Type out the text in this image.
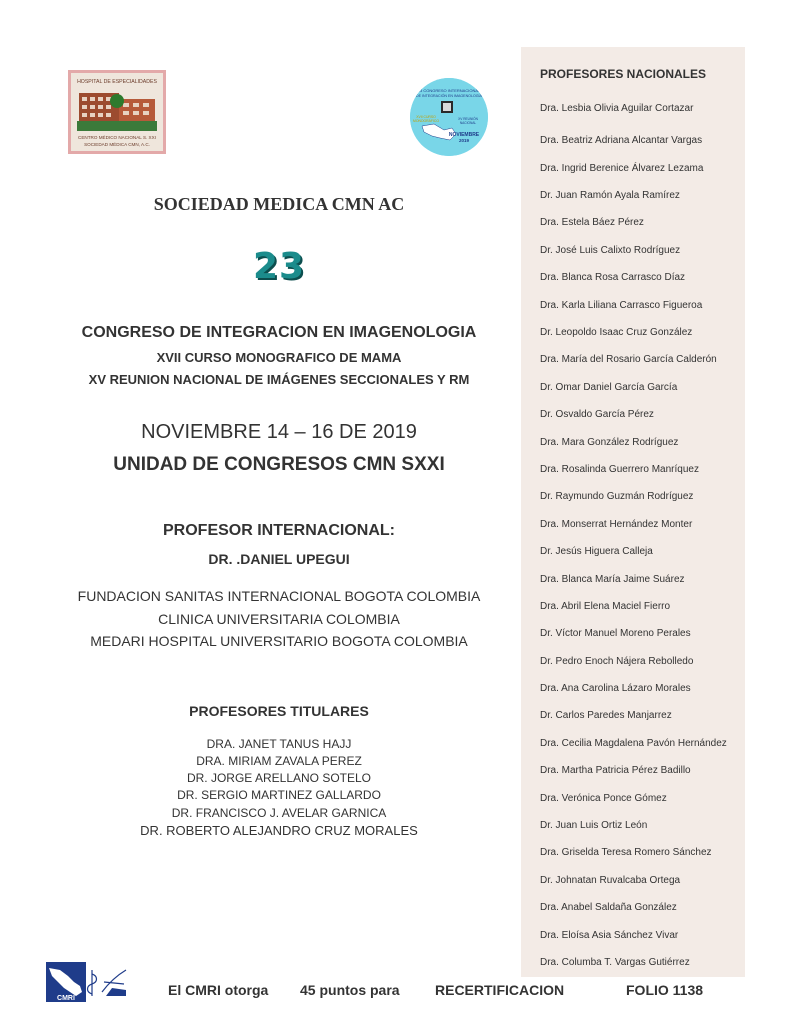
HOSPITAL DE ESPECIALIDADES
CENTRO MÉDICO NACIONAL S. XXI
SOCIEDAD MÉDICA CMN, A.C.
23 CONGRESO INTERNACIONAL
DE INTEGRACIÓN EN IMAGENOLOGÍA
XVII CURSO
MONOGRÁFICO	XV REUNIÓN
NACIONAL
NOVIEMBRE
2019
SOCIEDAD MEDICA CMN AC
23
CONGRESO DE INTEGRACION EN IMAGENOLOGIA
XVII CURSO MONOGRAFICO DE MAMA
XV REUNION NACIONAL DE IMÁGENES SECCIONALES Y RM
NOVIEMBRE 14 – 16 DE 2019
UNIDAD DE CONGRESOS CMN SXXI
PROFESOR INTERNACIONAL:
DR. .DANIEL UPEGUI
FUNDACION SANITAS INTERNACIONAL BOGOTA COLOMBIA
CLINICA UNIVERSITARIA COLOMBIA
MEDARI HOSPITAL UNIVERSITARIO BOGOTA COLOMBIA
PROFESORES TITULARES
DRA. JANET TANUS HAJJ
DRA. MIRIAM ZAVALA PEREZ
DR. JORGE ARELLANO SOTELO
DR. SERGIO MARTINEZ GALLARDO
DR. FRANCISCO J. AVELAR GARNICA
DR. ROBERTO ALEJANDRO CRUZ MORALES
PROFESORES NACIONALES
Dra. Lesbia Olivia Aguilar Cortazar
Dra. Beatriz Adriana Alcantar Vargas
Dra. Ingrid Berenice Álvarez Lezama
Dr. Juan Ramón Ayala Ramírez
Dra. Estela Báez Pérez
Dr. José Luis Calixto Rodríguez
Dra. Blanca Rosa Carrasco Díaz
Dra. Karla Liliana Carrasco Figueroa
Dr. Leopoldo Isaac Cruz González
Dra. María del Rosario García Calderón
Dr. Omar Daniel García García
Dr. Osvaldo García Pérez
Dra. Mara González Rodríguez
Dra. Rosalinda Guerrero Manríquez
Dr. Raymundo Guzmán Rodríguez
Dra. Monserrat Hernández Monter
Dr. Jesús Higuera Calleja
Dra. Blanca María Jaime Suárez
Dra. Abril Elena Maciel Fierro
Dr. Víctor Manuel Moreno Perales
Dr. Pedro Enoch Nájera Rebolledo
Dra. Ana Carolina Lázaro Morales
Dr. Carlos Paredes Manjarrez
Dra. Cecilia Magdalena Pavón Hernández
Dra. Martha Patricia Pérez Badillo
Dra. Verónica Ponce Gómez
Dr. Juan Luis Ortiz León
Dra. Griselda Teresa Romero Sánchez
Dr. Johnatan Ruvalcaba Ortega
Dra. Anabel Saldaña González
Dra. Eloísa Asia Sánchez Vivar
Dra. Columba T. Vargas Gutiérrez
CMRI
El CMRI otorga 45 puntos para	RECERTIFICACION	FOLIO 1138
